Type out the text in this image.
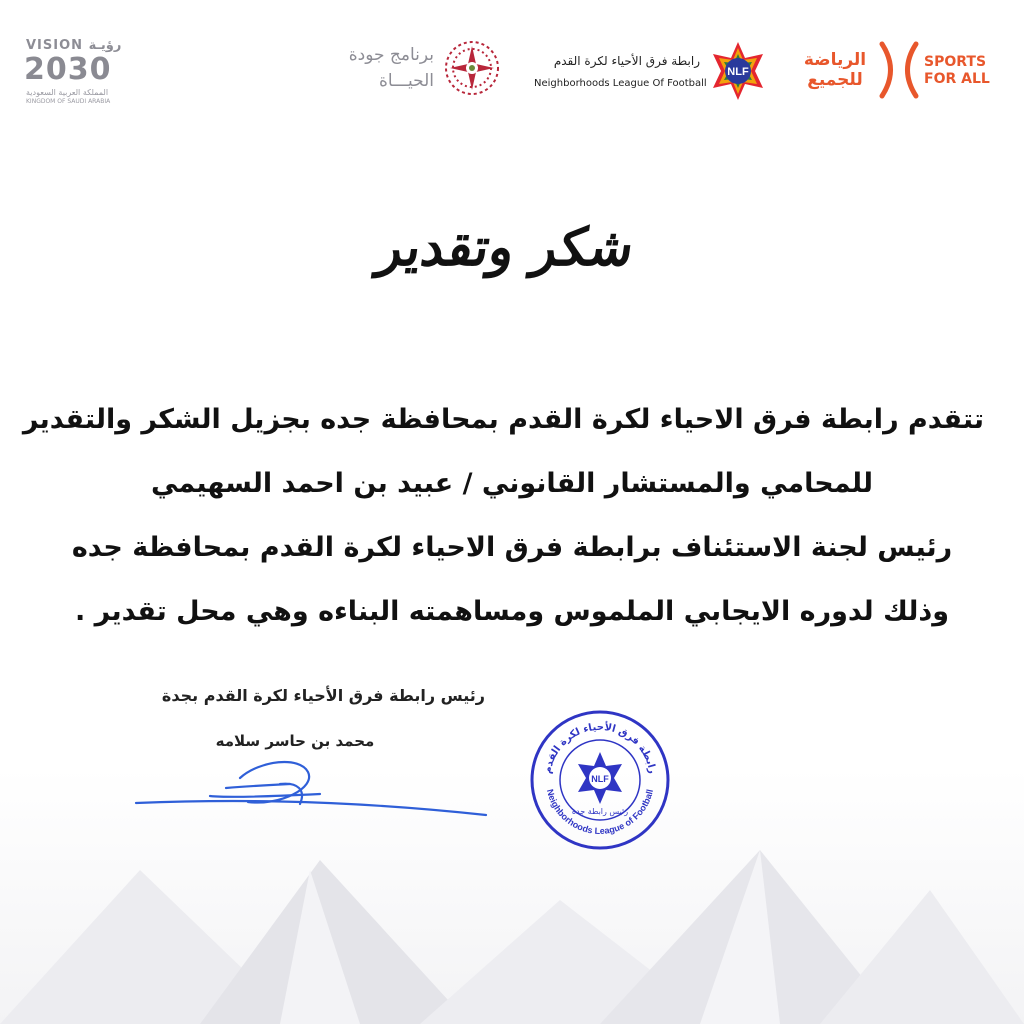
VISION رؤيـة
2030
المملكة العربية السعودية
KINGDOM OF SAUDI ARABIA
برنامج جودة
الحيـــاة
رابطة فرق الأحياء لكرة القدم
Neighborhoods League Of Football
NLF
الرياضة للجميع
SPORTS
FOR ALL
شكر وتقدير
تتقدم رابطة فرق الاحياء لكرة القدم بمحافظة جده بجزيل الشكر والتقدير
للمحامي والمستشار القانوني / عبيد بن احمد السهيمي
رئيس لجنة الاستئناف برابطة فرق الاحياء لكرة القدم بمحافظة جده
وذلك لدوره الايجابي الملموس ومساهمته البناءه وهي محل تقدير .
رئيس رابطة فرق الأحياء لكرة القدم بجدة
محمد بن حاسر سلامه
رابطة فرق الأحياء لكرة القدم
Neighborhoods League of Football
NLF
رئيس رابطة جدة
